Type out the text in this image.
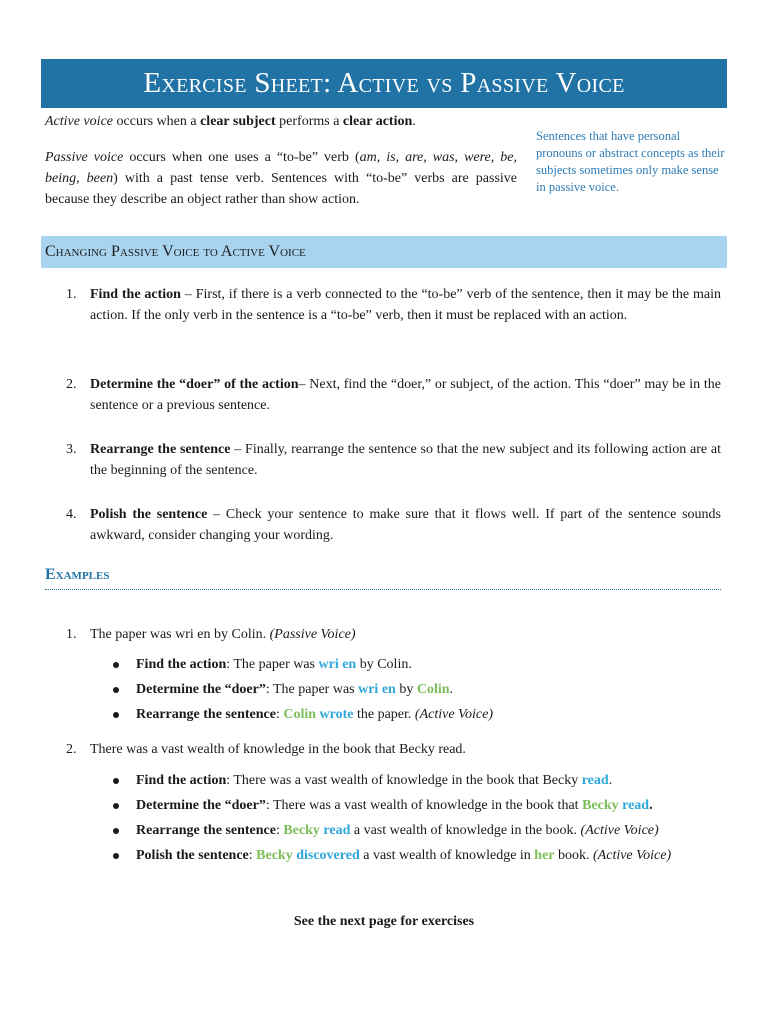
Exercise Sheet: Active vs Passive Voice

Active voice occurs when a clear subject performs a clear action.

Passive voice occurs when one uses a “to-be” verb (am, is, are, was, were, be, being, been) with a past tense verb. Sentences with “to-be” verbs are passive because they describe an object rather than show action.

Sentences that have personal pronouns or abstract concepts as their subjects sometimes only make sense in passive voice.
Changing Passive Voice to Active Voice
1. Find the action – First, if there is a verb connected to the “to-be” verb of the sentence, then it may be the main action. If the only verb in the sentence is a “to-be” verb, then it must be replaced with an action.
2. Determine the “doer” of the action– Next, find the “doer,” or subject, of the action. This “doer” may be in the sentence or a previous sentence.
3. Rearrange the sentence – Finally, rearrange the sentence so that the new subject and its following action are at the beginning of the sentence.
4. Polish the sentence – Check your sentence to make sure that it flows well. If part of the sentence sounds awkward, consider changing your wording.
Examples
1. The paper was wri en by Colin. (Passive Voice)
Find the action: The paper was wri en by Colin.
Determine the “doer”: The paper was wri en by Colin.
Rearrange the sentence: Colin wrote the paper. (Active Voice)
2. There was a vast wealth of knowledge in the book that Becky read.
Find the action: There was a vast wealth of knowledge in the book that Becky read.
Determine the “doer”: There was a vast wealth of knowledge in the book that Becky read.
Rearrange the sentence: Becky read a vast wealth of knowledge in the book. (Active Voice)
Polish the sentence: Becky discovered a vast wealth of knowledge in her book. (Active Voice)
See the next page for exercises
